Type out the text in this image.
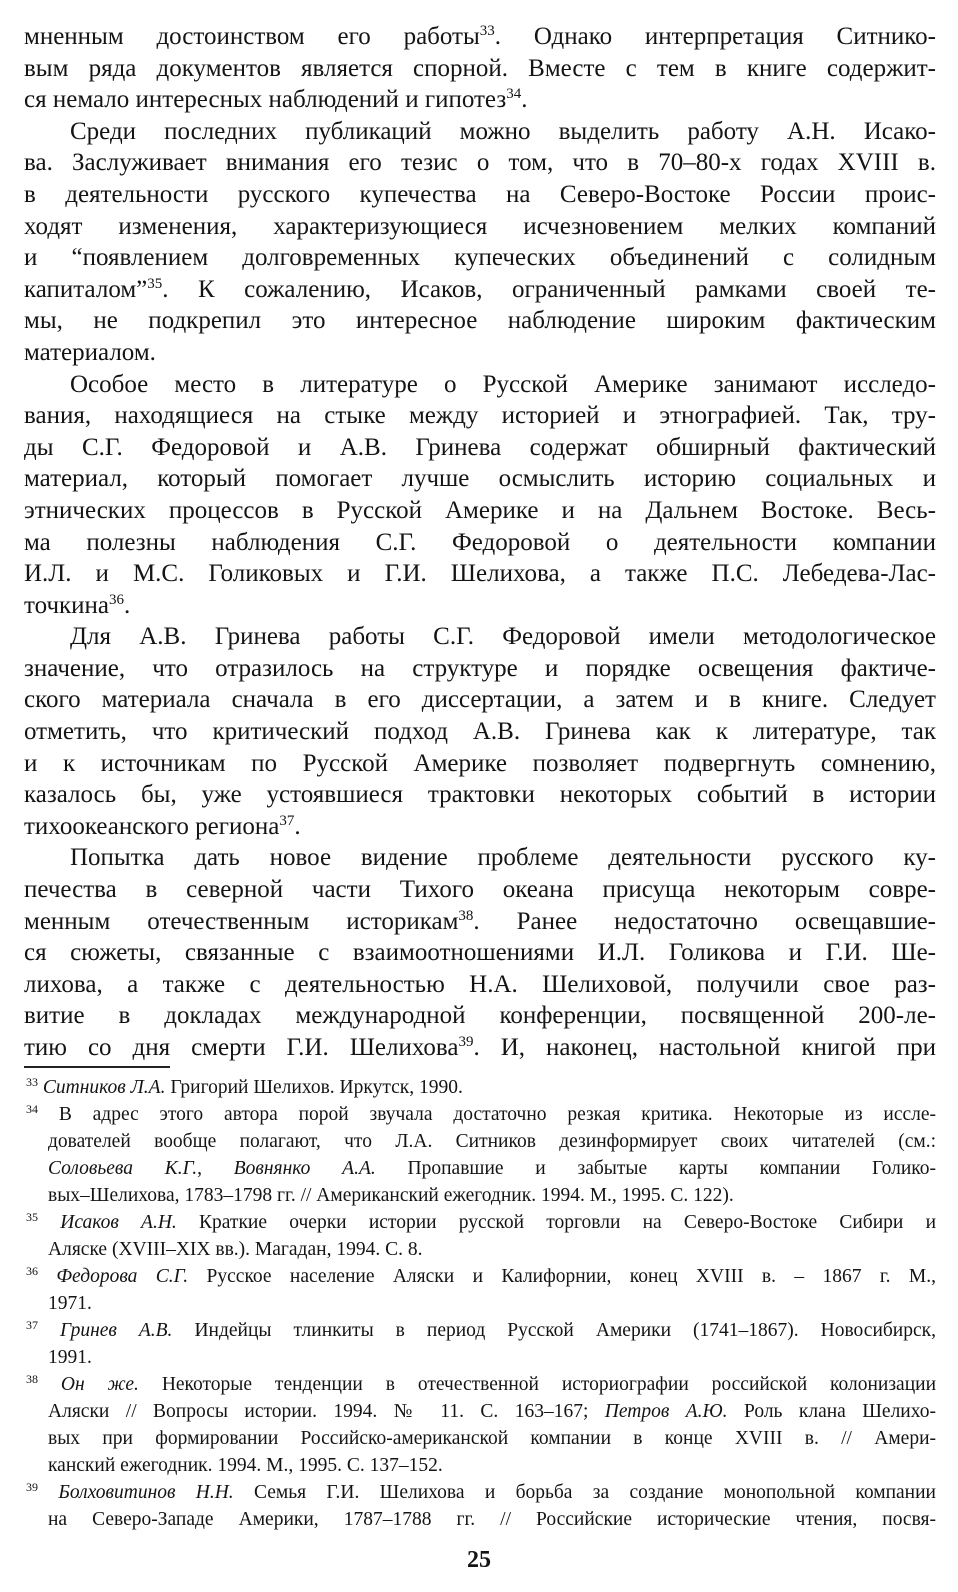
мненным достоинством его работы$^{33}$. Однако интерпретация Ситнико-
вым ряда документов является спорной. Вместе с тем в книге содержит-
ся немало интересных наблюдений и гипотез$^{34}$.
Среди последних публикаций можно выделить работу А.Н. Исако-
ва. Заслуживает внимания его тезис о том, что в 70–80-х годах XVIII в.
в деятельности русского купечества на Северо-Востоке России проис-
ходят изменения, характеризующиеся исчезновением мелких компаний
и “появлением долговременных купеческих объединений с солидным
капиталом”$^{35}$. К сожалению, Исаков, ограниченный рамками своей те-
мы, не подкрепил это интересное наблюдение широким фактическим
материалом.
Особое место в литературе о Русской Америке занимают исследо-
вания, находящиеся на стыке между историей и этнографией. Так, тру-
ды С.Г. Федоровой и А.В. Гринева содержат обширный фактический
материал, который помогает лучше осмыслить историю социальных и
этнических процессов в Русской Америке и на Дальнем Востоке. Весь-
ма полезны наблюдения С.Г. Федоровой о деятельности компании
И.Л. и М.С. Голиковых и Г.И. Шелихова, а также П.С. Лебедева-Лас-
точкина$^{36}$.
Для А.В. Гринева работы С.Г. Федоровой имели методологическое
значение, что отразилось на структуре и порядке освещения фактиче-
ского материала сначала в его диссертации, а затем и в книге. Следует
отметить, что критический подход А.В. Гринева как к литературе, так
и к источникам по Русской Америке позволяет подвергнуть сомнению,
казалось бы, уже устоявшиеся трактовки некоторых событий в истории
тихоокеанского региона$^{37}$.
Попытка дать новое видение проблеме деятельности русского ку-
печества в северной части Тихого океана присуща некоторым совре-
менным отечественным историкам$^{38}$. Ранее недостаточно освещавшие-
ся сюжеты, связанные с взаимоотношениями И.Л. Голикова и Г.И. Ше-
лихова, а также с деятельностью Н.А. Шелиховой, получили свое раз-
витие в докладах международной конференции, посвященной 200-ле-
тию со дня смерти Г.И. Шелихова$^{39}$. И, наконец, настольной книгой при
$^{33}$ Ситников Л.А. Григорий Шелихов. Иркутск, 1990.
$^{34}$ В адрес этого автора порой звучала достаточно резкая критика. Некоторые из иссле-
дователей вообще полагают, что Л.А. Ситников дезинформирует своих читателей (см.:
Соловьева К.Г., Вовнянко А.А. Пропавшие и забытые карты компании Голико-
вых–Шелихова, 1783–1798 гг. // Американский ежегодник. 1994. М., 1995. С. 122).
$^{35}$ Исаков А.Н. Краткие очерки истории русской торговли на Северо-Востоке Сибири и
Аляске (XVIII–XIX вв.). Магадан, 1994. С. 8.
$^{36}$ Федорова С.Г. Русское население Аляски и Калифорнии, конец XVIII в. – 1867 г. М.,
1971.
$^{37}$ Гринев А.В. Индейцы тлинкиты в период Русской Америки (1741–1867). Новосибирск,
1991.
$^{38}$ Он же. Некоторые тенденции в отечественной историографии российской колонизации
Аляски // Вопросы истории. 1994. № 11. С. 163–167; Петров А.Ю. Роль клана Шелихо-
вых при формировании Российско-американской компании в конце XVIII в. // Амери-
канский ежегодник. 1994. М., 1995. С. 137–152.
$^{39}$ Болховитинов Н.Н. Семья Г.И. Шелихова и борьба за создание монопольной компании
на Северо-Западе Америки, 1787–1788 гг. // Российские исторические чтения, посвя-
25
